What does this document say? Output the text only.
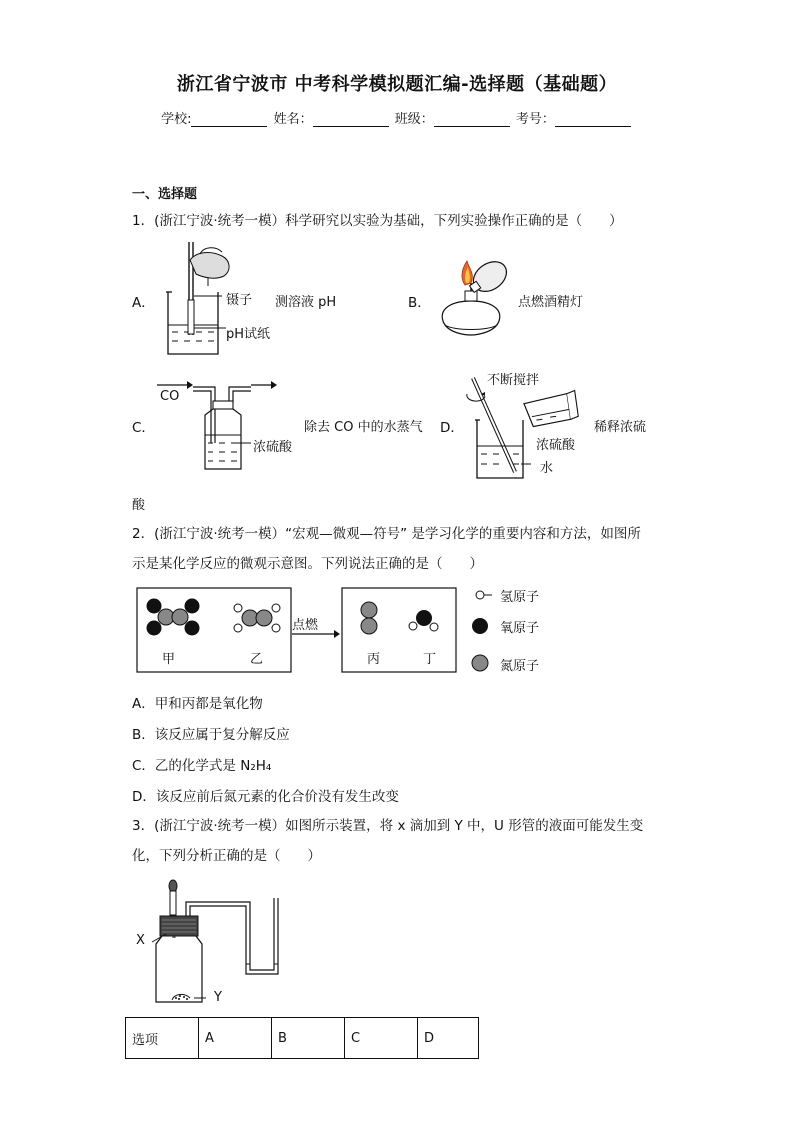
浙江省宁波市 中考科学模拟题汇编-选择题（基础题）
学校:	姓名：	班级：	考号：
一、选择题
1．(浙江宁波·统考一模）科学研究以实验为基础，下列实验操作正确的是（　　）
A．	镊子
pH试纸
测溶液 pH	B．	点燃酒精灯
C．
CO
浓硫酸
除去 CO 中的水蒸气 D．
不断搅拌
浓硫酸
水
稀释浓硫
酸
2．(浙江宁波·统考一模）“宏观—微观—符号” 是学习化学的重要内容和方法，如图所
示是某化学反应的微观示意图。下列说法正确的是（　　）
甲	乙
点燃
丙	丁
氢原子
氧原子
氮原子
A．甲和丙都是氧化物
B．该反应属于复分解反应
C．乙的化学式是 N₂H₄
D．该反应前后氮元素的化合价没有发生改变
3．(浙江宁波·统考一模）如图所示装置，将 x 滴加到 Y 中，U 形管的液面可能发生变
化，下列分析正确的是（　　）
X
Y
选项	A	B	C	D
